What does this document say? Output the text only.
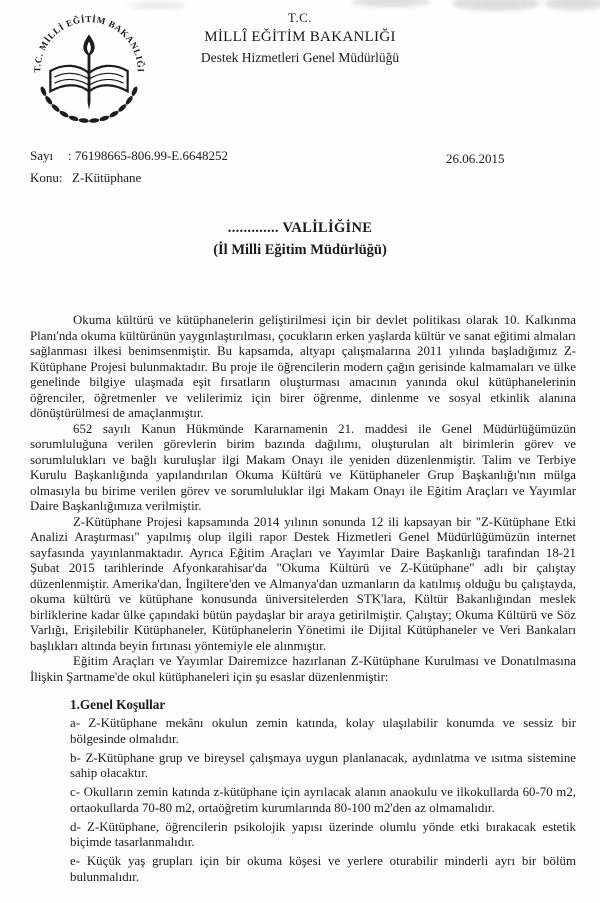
T.C. MİLLİ EĞİTİM BAKANLIĞI
T.C.
MİLLÎ EĞİTİM BAKANLIĞI
Destek Hizmetleri Genel Müdürlüğü
Sayı : 76198665-806.99-E.6648252
Konu: Z-Kütüphane
26.06.2015
............. VALİLİĞİNE
(İl Milli Eğitim Müdürlüğü)

Okuma kültürü ve kütüphanelerin geliştirilmesi için bir devlet politikası olarak 10. Kalkınma Planı'nda okuma kültürünün yaygınlaştırılması, çocukların erken yaşlarda kültür ve sanat eğitimi almaları sağlanması ilkesi benimsenmiştir. Bu kapsamda, altyapı çalışmalarına 2011 yılında başladığımız Z-Kütüphane Projesi bulunmaktadır. Bu proje ile öğrencilerin modern çağın gerisinde kalmamaları ve ülke genelinde bilgiye ulaşmada eşit fırsatların oluşturması amacının yanında okul kütüphanelerinin öğrenciler, öğretmenler ve velilerimiz için birer öğrenme, dinlenme ve sosyal etkinlik alanına dönüştürülmesi de amaçlanmıştır.

652 sayılı Kanun Hükmünde Kararnamenin 21. maddesi ile Genel Müdürlüğümüzün sorumluluğuna verilen görevlerin birim bazında dağılımı, oluşturulan alt birimlerin görev ve sorumlulukları ve bağlı kuruluşlar ilgi Makam Onayı ile yeniden düzenlenmiştir. Talim ve Terbiye Kurulu Başkanlığında yapılandırılan Okuma Kültürü ve Kütüphaneler Grup Başkanlığı'nın mülga olmasıyla bu birime verilen görev ve sorumluluklar ilgi Makam Onayı ile Eğitim Araçları ve Yayımlar Daire Başkanlığımıza verilmiştir.

Z-Kütüphane Projesi kapsamında 2014 yılının sonunda 12 ili kapsayan bir "Z-Kütüphane Etki Analizi Araştırması" yapılmış olup ilgili rapor Destek Hizmetleri Genel Müdürlüğümüzün internet sayfasında yayınlanmaktadır. Ayrıca Eğitim Araçları ve Yayımlar Daire Başkanlığı tarafından 18-21 Şubat 2015 tarihlerinde Afyonkarahisar'da "Okuma Kültürü ve Z-Kütüphane" adlı bir çalıştay düzenlenmiştir. Amerika'dan, İngiltere'den ve Almanya'dan uzmanların da katılmış olduğu bu çalıştayda, okuma kültürü ve kütüphane konusunda üniversitelerden STK'lara, Kültür Bakanlığından meslek birliklerine kadar ülke çapındaki bütün paydaşlar bir araya getirilmiştir. Çalıştay; Okuma Kültürü ve Söz Varlığı, Erişilebilir Kütüphaneler, Kütüphanelerin Yönetimi ile Dijital Kütüphaneler ve Veri Bankaları başlıkları altında beyin fırtınası yöntemiyle ele alınmıştır.

Eğitim Araçları ve Yayımlar Dairemizce hazırlanan Z-Kütüphane Kurulması ve Donatılmasına İlişkin Şartname'de okul kütüphaneleri için şu esaslar düzenlenmiştir:

1.Genel Koşullar

a- Z-Kütüphane mekânı okulun zemin katında, kolay ulaşılabilir konumda ve sessiz bir bölgesinde olmalıdır.

b- Z-Kütüphane grup ve bireysel çalışmaya uygun planlanacak, aydınlatma ve ısıtma sistemine sahip olacaktır.

c- Okulların zemin katında z-kütüphane için ayrılacak alanın anaokulu ve ilkokullarda 60-70 m2, ortaokullarda 70-80 m2, ortaöğretim kurumlarında 80-100 m2'den az olmamalıdır.

d- Z-Kütüphane, öğrencilerin psikolojik yapısı üzerinde olumlu yönde etki bırakacak estetik biçimde tasarlanmalıdır.

e- Küçük yaş grupları için bir okuma köşesi ve yerlere oturabilir minderli ayrı bir bölüm bulunmalıdır.
